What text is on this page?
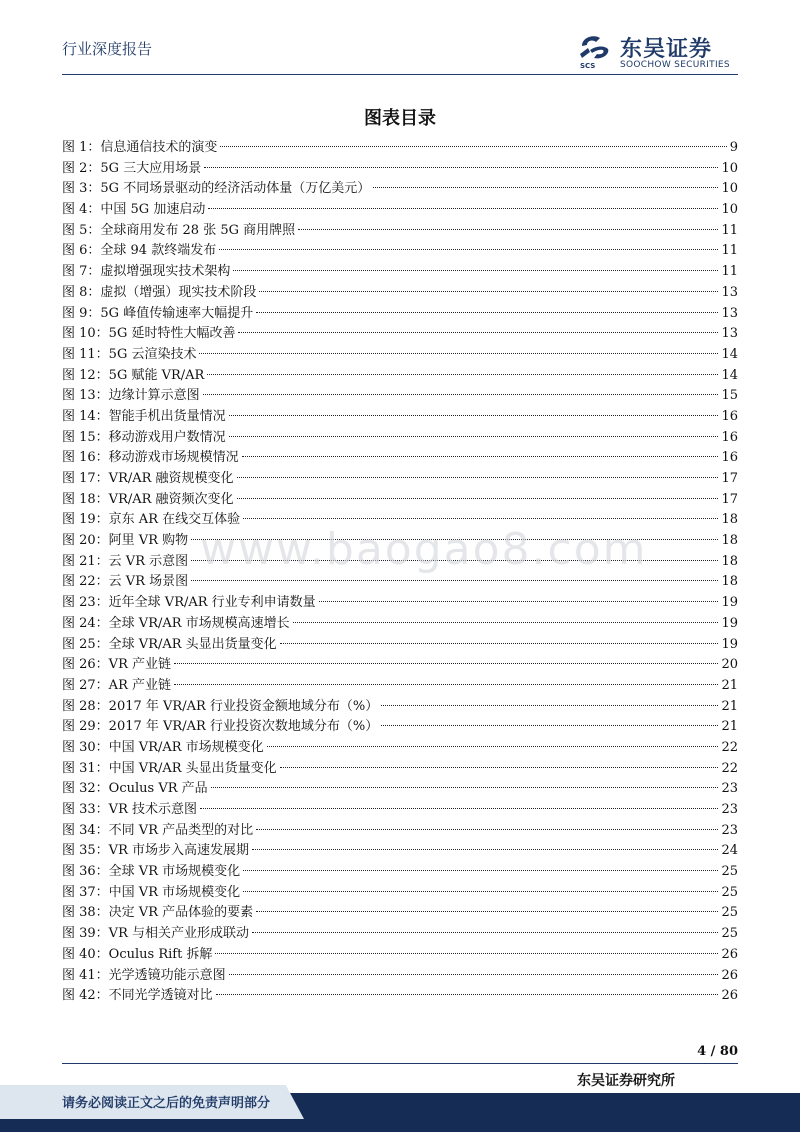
行业深度报告
SCS
东吴证券
SOOCHOW SECURITIES
图表目录
图 1：信息通信技术的演变	9
图 2：5G 三大应用场景	10
图 3：5G 不同场景驱动的经济活动体量（万亿美元）	10
图 4：中国 5G 加速启动	10
图 5：全球商用发布 28 张 5G 商用牌照	11
图 6：全球 94 款终端发布	11
图 7：虚拟增强现实技术架构	11
图 8：虚拟（增强）现实技术阶段	13
图 9：5G 峰值传输速率大幅提升	13
图 10：5G 延时特性大幅改善	13
图 11：5G 云渲染技术	14
图 12：5G 赋能 VR/AR	14
图 13：边缘计算示意图	15
图 14：智能手机出货量情况	16
图 15：移动游戏用户数情况	16
图 16：移动游戏市场规模情况	16
图 17：VR/AR 融资规模变化	17
图 18：VR/AR 融资频次变化	17
图 19：京东 AR 在线交互体验	18
图 20：阿里 VR 购物	18
图 21：云 VR 示意图	18
图 22：云 VR 场景图	18
图 23：近年全球 VR/AR 行业专利申请数量	19
图 24：全球 VR/AR 市场规模高速增长	19
图 25：全球 VR/AR 头显出货量变化	19
图 26：VR 产业链	20
图 27：AR 产业链	21
图 28：2017 年 VR/AR 行业投资金额地域分布（%）	21
图 29：2017 年 VR/AR 行业投资次数地域分布（%）	21
图 30：中国 VR/AR 市场规模变化	22
图 31：中国 VR/AR 头显出货量变化	22
图 32：Oculus VR 产品	23
图 33：VR 技术示意图	23
图 34：不同 VR 产品类型的对比	23
图 35：VR 市场步入高速发展期	24
图 36：全球 VR 市场规模变化	25
图 37：中国 VR 市场规模变化	25
图 38：决定 VR 产品体验的要素	25
图 39：VR 与相关产业形成联动	25
图 40：Oculus Rift 拆解	26
图 41：光学透镜功能示意图	26
图 42：不同光学透镜对比	26
www.baogao8.com
4 / 80
东吴证券研究所
请务必阅读正文之后的免责声明部分
